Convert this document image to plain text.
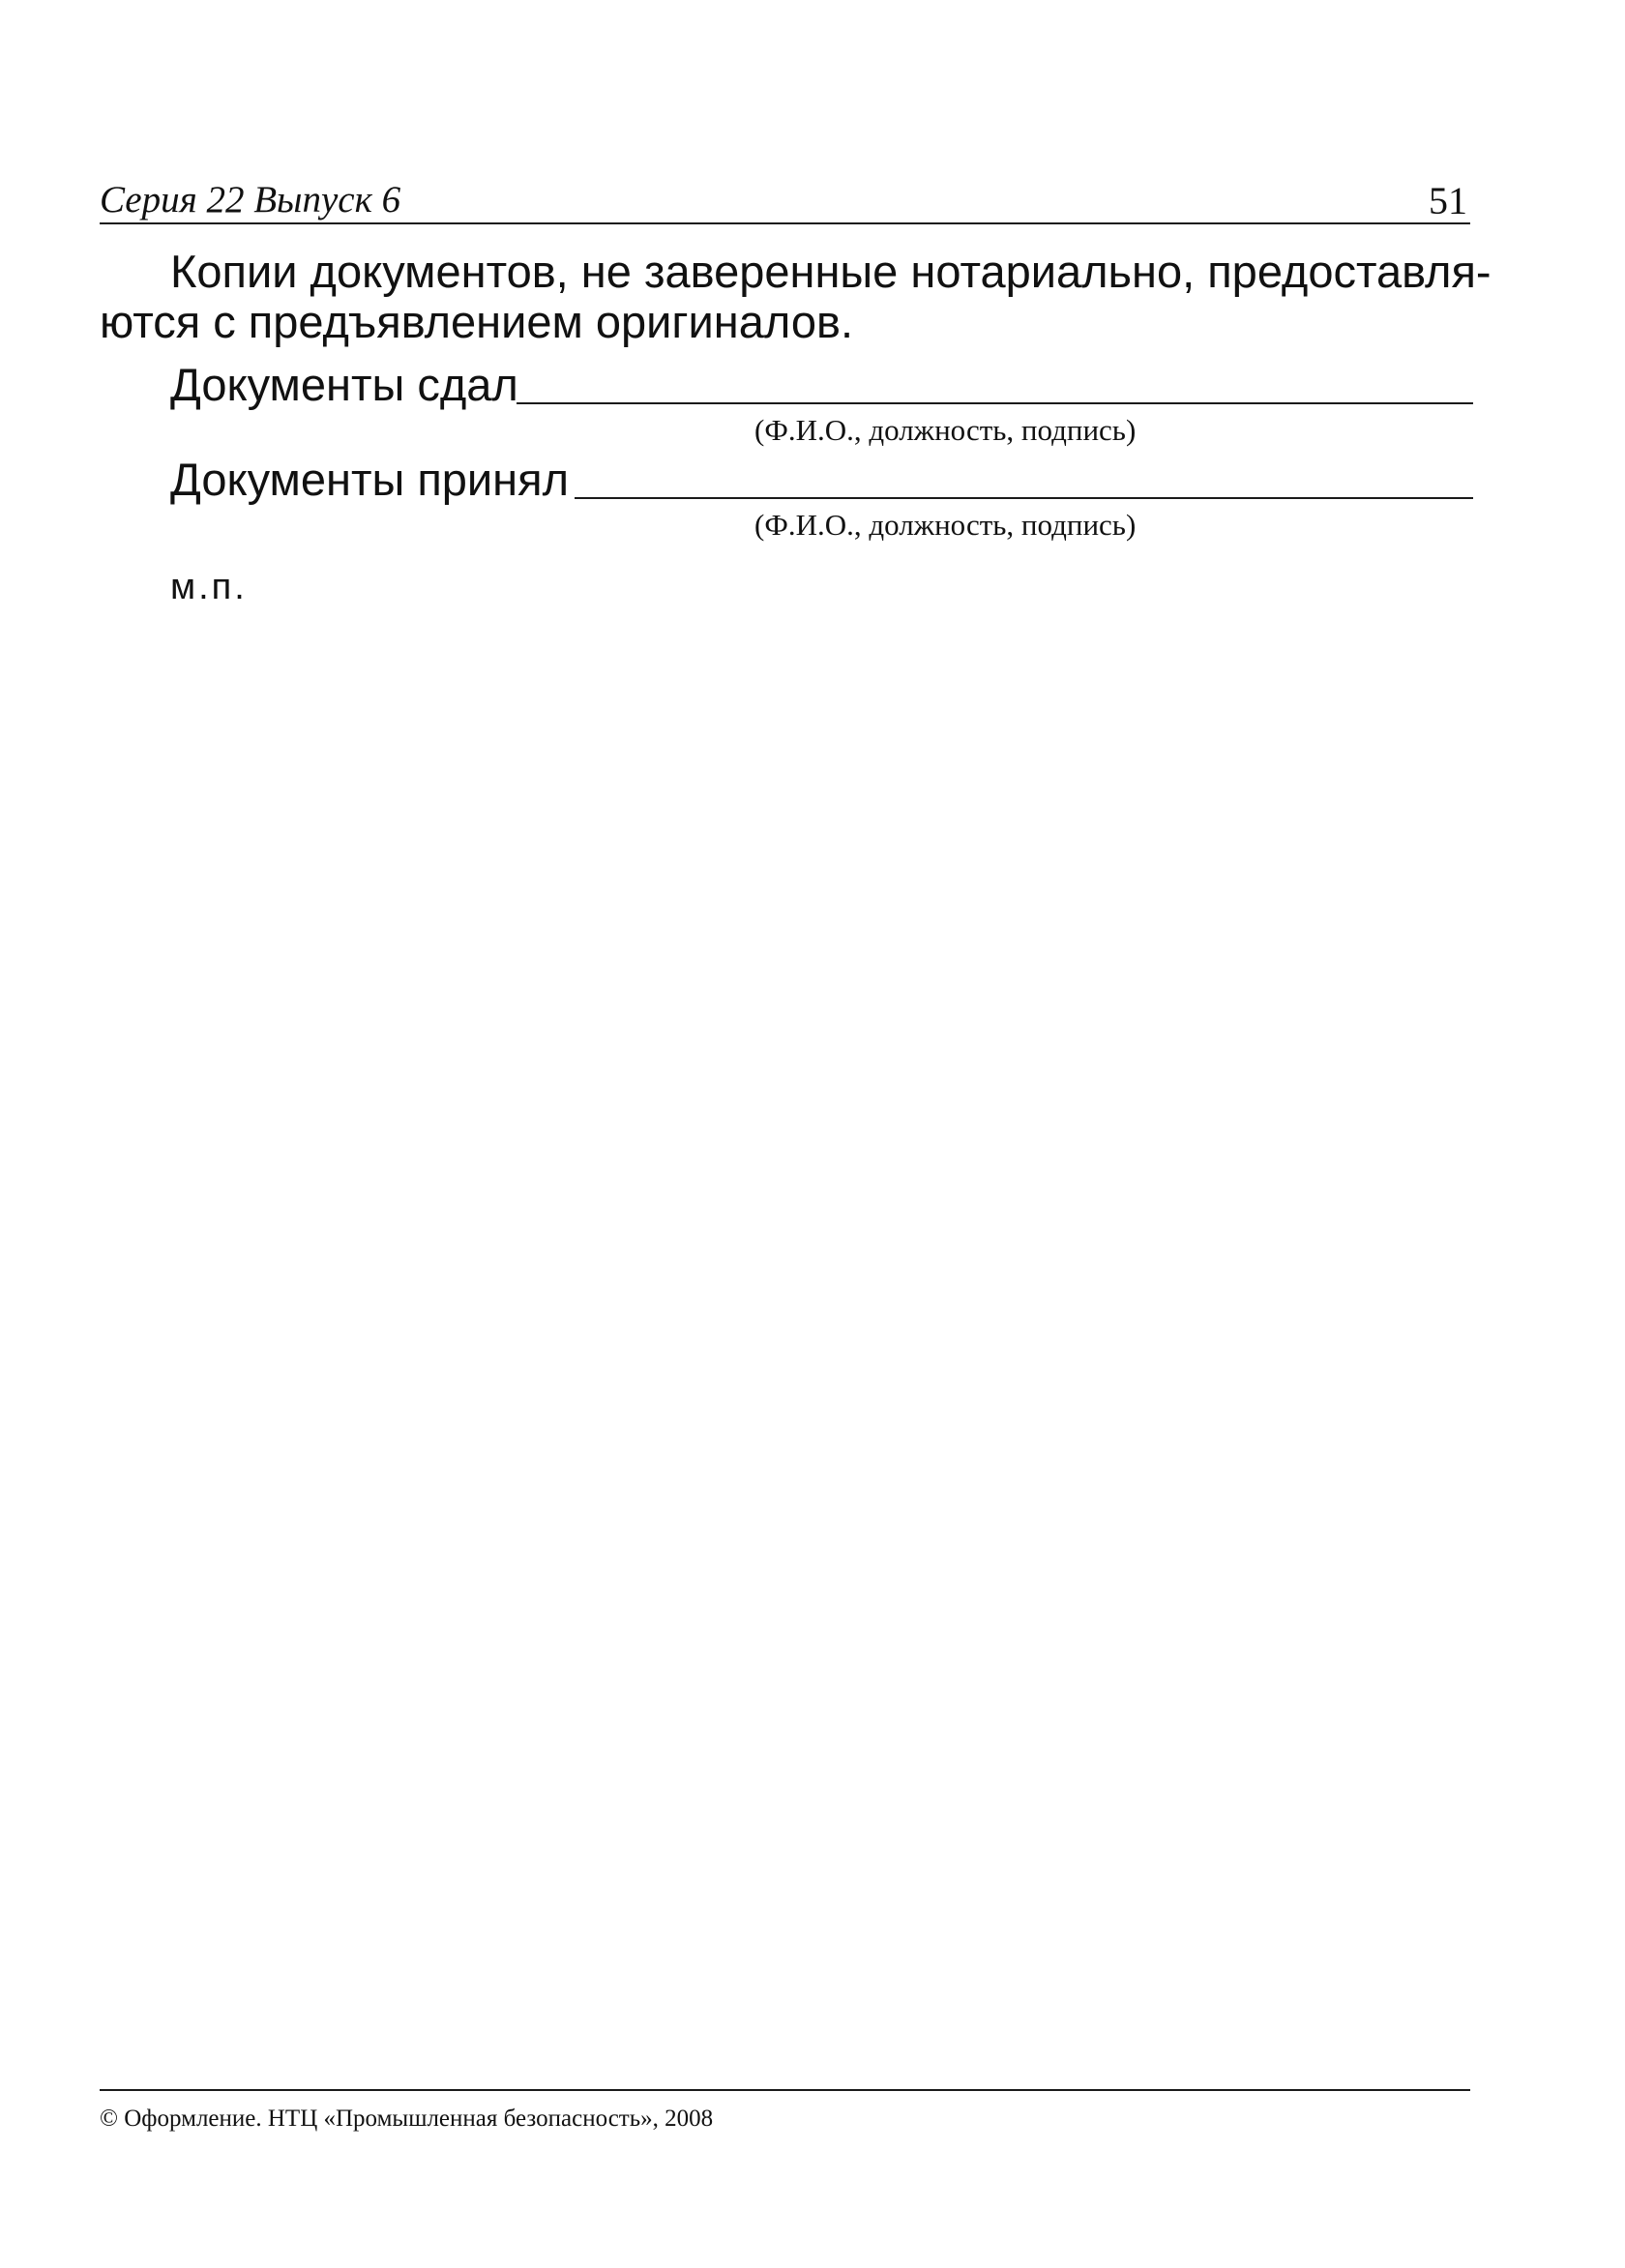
Серия 22 Выпуск 6	51

Копии документов, не заверенные нотариально, предоставля-
ются с предъявлением оригиналов.

Документы сдал
(Ф.И.О., должность, подпись)
Документы принял
(Ф.И.О., должность, подпись)
м.п.
© Оформление. НТЦ «Промышленная безопасность», 2008
